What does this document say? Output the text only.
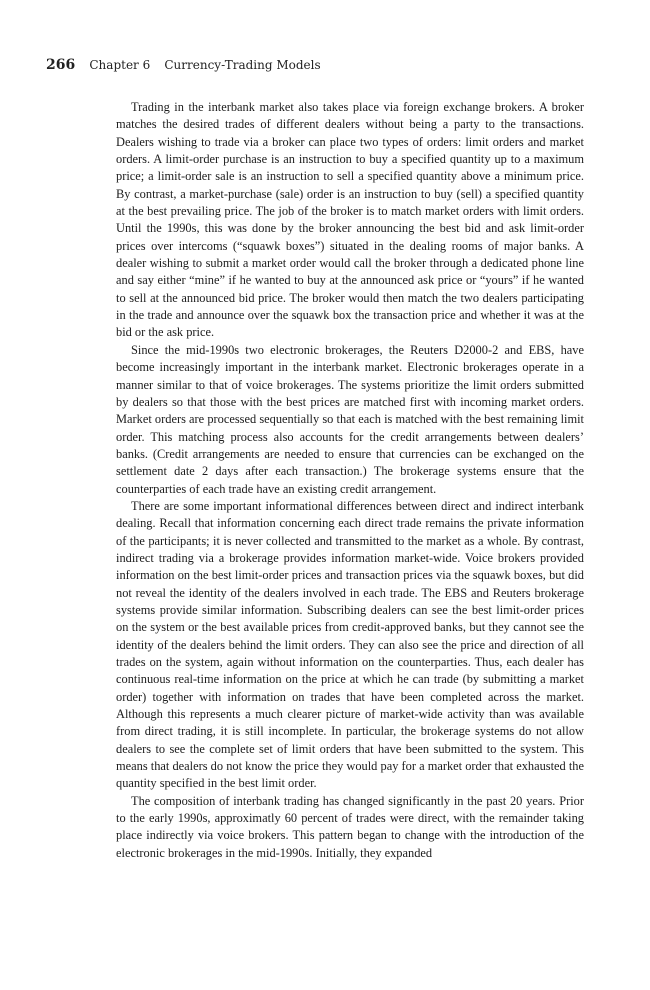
266 Chapter 6 Currency-Trading Models

Trading in the interbank market also takes place via foreign exchange brokers. A broker matches the desired trades of different dealers without being a party to the transactions. Dealers wishing to trade via a broker can place two types of orders: limit orders and market orders. A limit-order purchase is an instruction to buy a specified quantity up to a maximum price; a limit-order sale is an instruction to sell a specified quantity above a minimum price. By contrast, a market-purchase (sale) order is an instruction to buy (sell) a specified quantity at the best prevailing price. The job of the broker is to match market orders with limit orders. Until the 1990s, this was done by the broker announcing the best bid and ask limit-order prices over intercoms (“squawk boxes”) situated in the dealing rooms of major banks. A dealer wishing to submit a market order would call the broker through a dedicated phone line and say either “mine” if he wanted to buy at the announced ask price or “yours” if he wanted to sell at the announced bid price. The broker would then match the two dealers participating in the trade and announce over the squawk box the transaction price and whether it was at the bid or the ask price.

Since the mid-1990s two electronic brokerages, the Reuters D2000-2 and EBS, have become increasingly important in the interbank market. Electronic brokerages operate in a manner similar to that of voice brokerages. The systems prioritize the limit orders submitted by dealers so that those with the best prices are matched first with incoming market orders. Market orders are processed sequentially so that each is matched with the best remaining limit order. This matching process also accounts for the credit arrangements between dealers’ banks. (Credit arrangements are needed to ensure that currencies can be exchanged on the settlement date 2 days after each transaction.) The brokerage systems ensure that the counterparties of each trade have an existing credit arrangement.

There are some important informational differences between direct and indirect interbank dealing. Recall that information concerning each direct trade remains the private information of the participants; it is never collected and transmitted to the market as a whole. By contrast, indirect trading via a brokerage provides information market-wide. Voice brokers provided information on the best limit-order prices and transaction prices via the squawk boxes, but did not reveal the identity of the dealers involved in each trade. The EBS and Reuters brokerage systems provide similar information. Subscribing dealers can see the best limit-order prices on the system or the best available prices from credit-approved banks, but they cannot see the identity of the dealers behind the limit orders. They can also see the price and direction of all trades on the system, again without information on the counterparties. Thus, each dealer has continuous real-time information on the price at which he can trade (by submitting a market order) together with information on trades that have been completed across the market. Although this represents a much clearer picture of market-wide activity than was available from direct trading, it is still incomplete. In particular, the brokerage systems do not allow dealers to see the complete set of limit orders that have been submitted to the system. This means that dealers do not know the price they would pay for a market order that exhausted the quantity specified in the best limit order.

The composition of interbank trading has changed significantly in the past 20 years. Prior to the early 1990s, approximatly 60 percent of trades were direct, with the remainder taking place indirectly via voice brokers. This pattern began to change with the introduction of the electronic brokerages in the mid-1990s. Initially, they expanded
